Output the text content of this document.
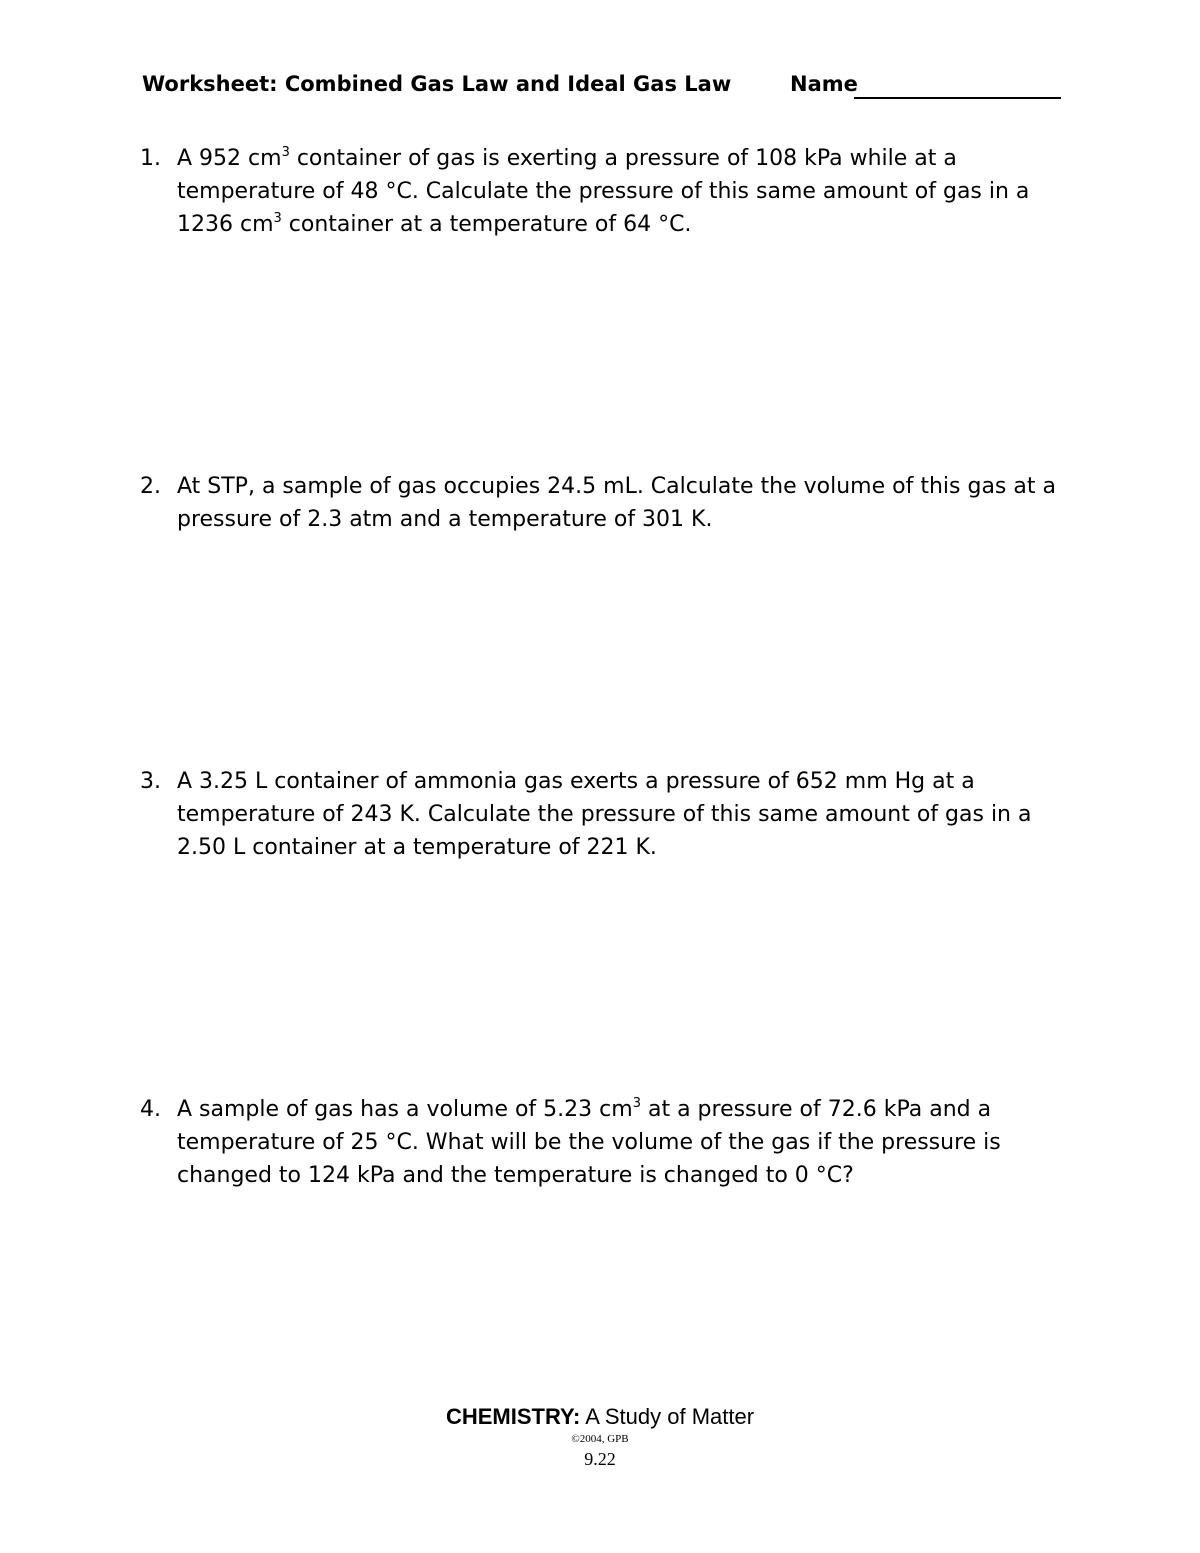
Worksheet: Combined Gas Law and Ideal Gas Law	Name
1. A 952 $cm^3$ container of gas is exerting a pressure of 108 kPa while at a
temperature of 48 °C. Calculate the pressure of this same amount of gas in a
1236 $cm^3$ container at a temperature of 64 °C.
2. At STP, a sample of gas occupies 24.5 mL. Calculate the volume of this gas at a
pressure of 2.3 atm and a temperature of 301 K.
3. A 3.25 L container of ammonia gas exerts a pressure of 652 mm Hg at a
temperature of 243 K. Calculate the pressure of this same amount of gas in a
2.50 L container at a temperature of 221 K.
4. A sample of gas has a volume of 5.23 $cm^3$ at a pressure of 72.6 kPa and a
temperature of 25 °C. What will be the volume of the gas if the pressure is
changed to 124 kPa and the temperature is changed to 0 °C?
CHEMISTRY: A Study of Matter
©2004, GPB
9.22
